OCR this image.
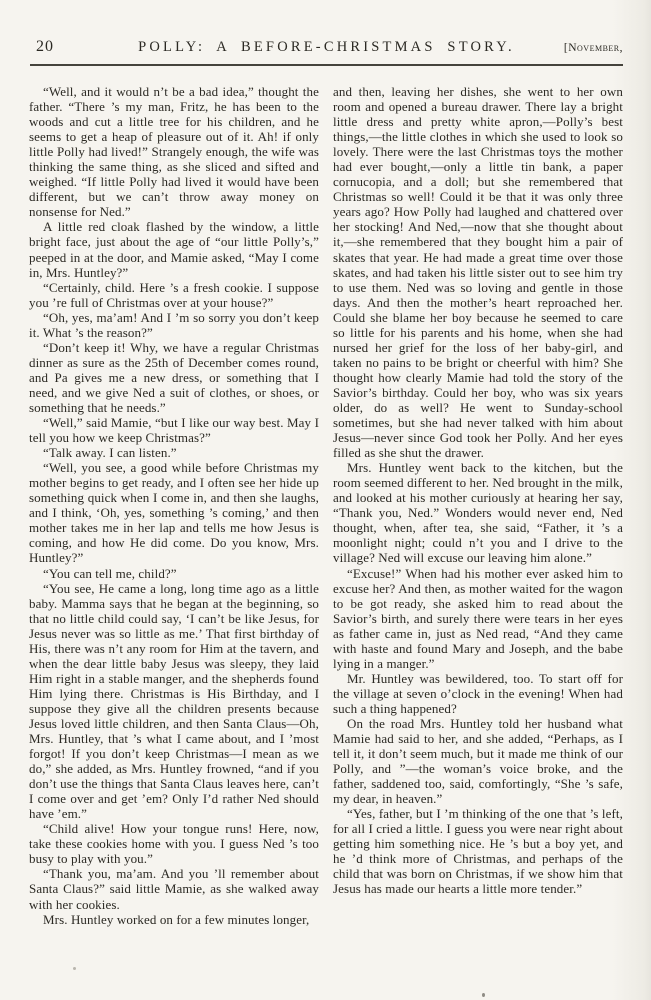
20	POLLY: A BEFORE-CHRISTMAS STORY.	[November,

“Well, and it would n’t be a bad idea,” thought the father. “There ’s my man, Fritz, he has been to the woods and cut a little tree for his children, and he seems to get a heap of pleasure out of it. Ah! if only little Polly had lived!” Strangely enough, the wife was thinking the same thing, as she sliced and sifted and weighed. “If little Polly had lived it would have been different, but we can’t throw away money on nonsense for Ned.”

A little red cloak flashed by the window, a little bright face, just about the age of “our little Polly’s,” peeped in at the door, and Mamie asked, “May I come in, Mrs. Huntley?”

“Certainly, child. Here ’s a fresh cookie. I suppose you ’re full of Christmas over at your house?”

“Oh, yes, ma’am! And I ’m so sorry you don’t keep it. What ’s the reason?”

“Don’t keep it! Why, we have a regular Christmas dinner as sure as the 25th of December comes round, and Pa gives me a new dress, or something that I need, and we give Ned a suit of clothes, or shoes, or something that he needs.”

“Well,” said Mamie, “but I like our way best. May I tell you how we keep Christmas?”

“Talk away. I can listen.”

“Well, you see, a good while before Christmas my mother begins to get ready, and I often see her hide up something quick when I come in, and then she laughs, and I think, ‘Oh, yes, something ’s coming,’ and then mother takes me in her lap and tells me how Jesus is coming, and how He did come. Do you know, Mrs. Huntley?”

“You can tell me, child?”

“You see, He came a long, long time ago as a little baby. Mamma says that he began at the beginning, so that no little child could say, ‘I can’t be like Jesus, for Jesus never was so little as me.’ That first birthday of His, there was n’t any room for Him at the tavern, and when the dear little baby Jesus was sleepy, they laid Him right in a stable manger, and the shepherds found Him lying there. Christmas is His Birthday, and I suppose they give all the children presents because Jesus loved little children, and then Santa Claus—Oh, Mrs. Huntley, that ’s what I came about, and I ’most forgot! If you don’t keep Christmas—I mean as we do,” she added, as Mrs. Huntley frowned, “and if you don’t use the things that Santa Claus leaves here, can’t I come over and get ’em? Only I’d rather Ned should have ’em.”

“Child alive! How your tongue runs! Here, now, take these cookies home with you. I guess Ned ’s too busy to play with you.”

“Thank you, ma’am. And you ’ll remember about Santa Claus?” said little Mamie, as she walked away with her cookies.

Mrs. Huntley worked on for a few minutes longer,

and then, leaving her dishes, she went to her own room and opened a bureau drawer. There lay a bright little dress and pretty white apron,—Polly’s best things,—the little clothes in which she used to look so lovely. There were the last Christmas toys the mother had ever bought,—only a little tin bank, a paper cornucopia, and a doll; but she remembered that Christmas so well! Could it be that it was only three years ago? How Polly had laughed and chattered over her stocking! And Ned,—now that she thought about it,—she remembered that they bought him a pair of skates that year. He had made a great time over those skates, and had taken his little sister out to see him try to use them. Ned was so loving and gentle in those days. And then the mother’s heart reproached her. Could she blame her boy because he seemed to care so little for his parents and his home, when she had nursed her grief for the loss of her baby-girl, and taken no pains to be bright or cheerful with him? She thought how clearly Mamie had told the story of the Savior’s birthday. Could her boy, who was six years older, do as well? He went to Sunday-school sometimes, but she had never talked with him about Jesus—never since God took her Polly. And her eyes filled as she shut the drawer.

Mrs. Huntley went back to the kitchen, but the room seemed different to her. Ned brought in the milk, and looked at his mother curiously at hearing her say, “Thank you, Ned.” Wonders would never end, Ned thought, when, after tea, she said, “Father, it ’s a moonlight night; could n’t you and I drive to the village? Ned will excuse our leaving him alone.”

“Excuse!” When had his mother ever asked him to excuse her? And then, as mother waited for the wagon to be got ready, she asked him to read about the Savior’s birth, and surely there were tears in her eyes as father came in, just as Ned read, “And they came with haste and found Mary and Joseph, and the babe lying in a manger.”

Mr. Huntley was bewildered, too. To start off for the village at seven o’clock in the evening! When had such a thing happened?

On the road Mrs. Huntley told her husband what Mamie had said to her, and she added, “Perhaps, as I tell it, it don’t seem much, but it made me think of our Polly, and ”—the woman’s voice broke, and the father, saddened too, said, comfortingly, “She ’s safe, my dear, in heaven.”

“Yes, father, but I ’m thinking of the one that ’s left, for all I cried a little. I guess you were near right about getting him something nice. He ’s but a boy yet, and he ’d think more of Christmas, and perhaps of the child that was born on Christmas, if we show him that Jesus has made our hearts a little more tender.”
